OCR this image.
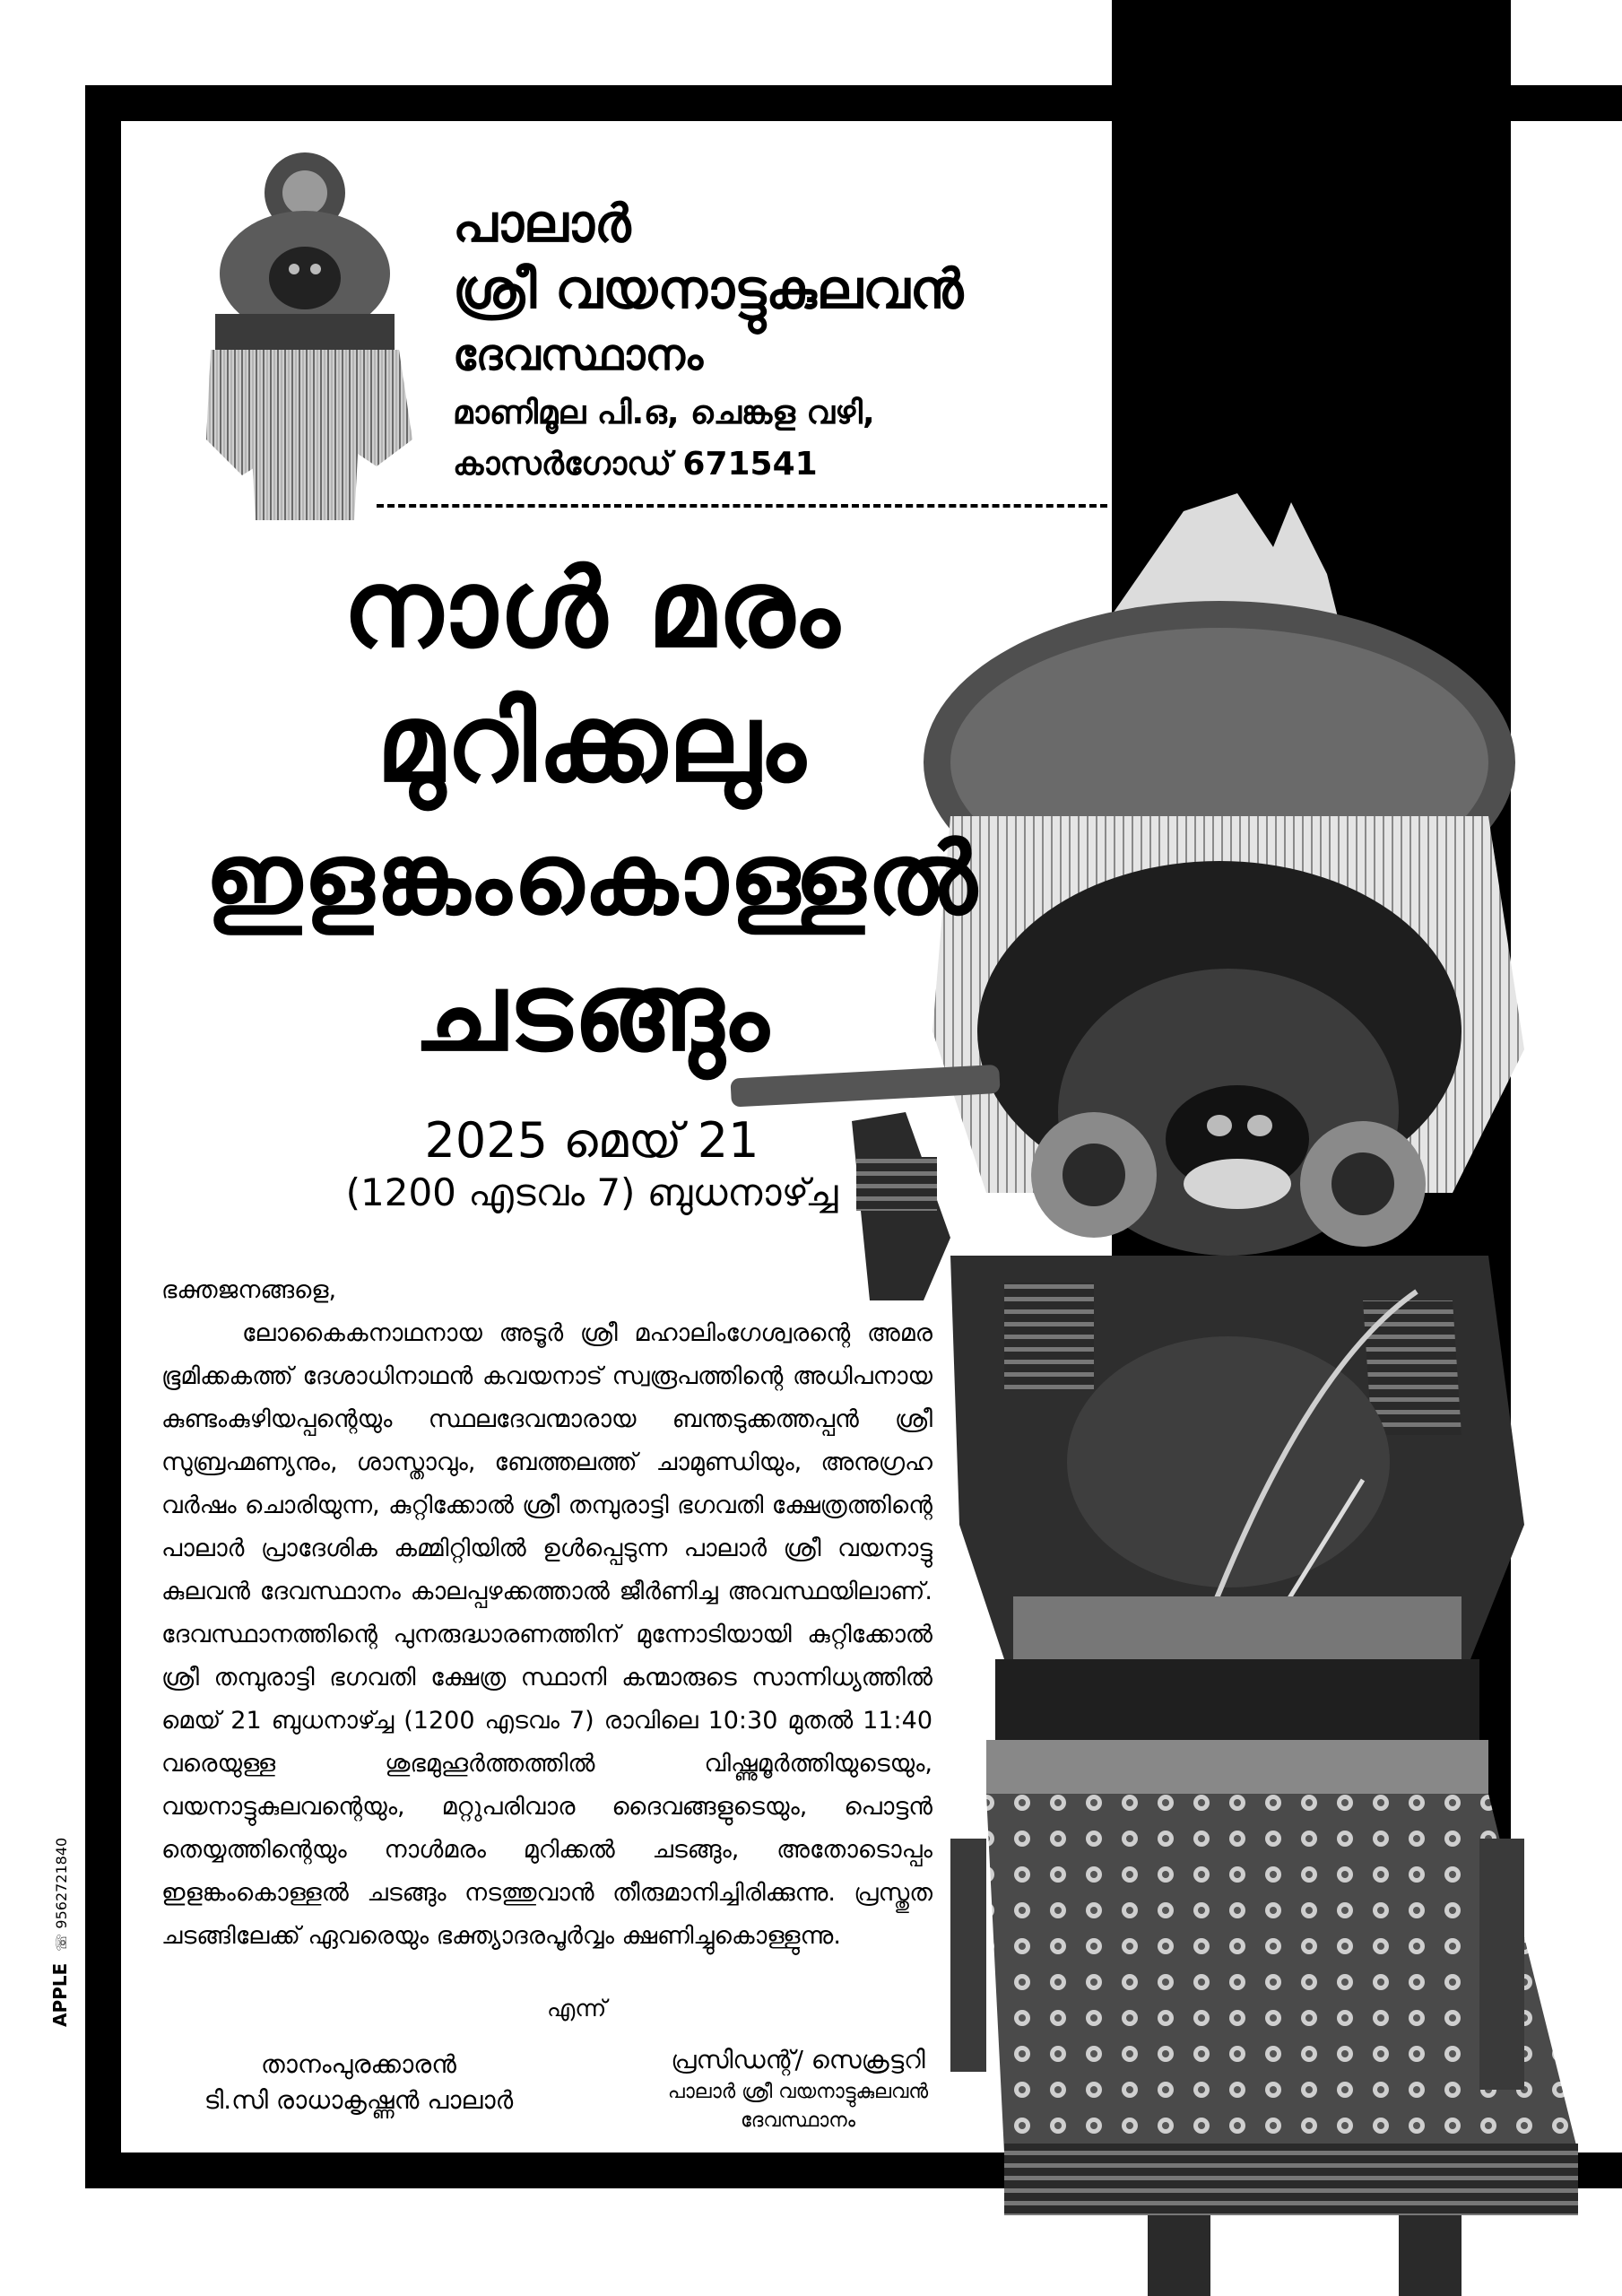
പാലാർ
ശ്രീ വയനാട്ടുകുലവൻ
ദേവസ്ഥാനം
മാണിമൂല പി.ഒ, ചെങ്കള വഴി,
കാസർഗോഡ് 671541
നാൾ മരം
മുറിക്കലും
ഇളങ്കംകൊള്ളൽ
ചടങ്ങും
2025 മെയ് 21
(1200 എടവം 7) ബുധനാഴ്ച്ച

ഭക്തജനങ്ങളെ,

ലോകൈകനാഥനായ അടൂർ ശ്രീ മഹാലിംഗേശ്വരന്റെ അമര ഭൂമിക്കകത്ത് ദേശാധിനാഥൻ കവയനാട് സ്വരൂപത്തിന്റെ അധിപനായ കുണ്ടംകുഴിയപ്പന്റെയും സ്ഥലദേവന്മാരായ ബന്തടുക്കത്തപ്പൻ ശ്രീ സുബ്രഹ്മണ്യനും, ശാസ്താവും, ബേത്തലത്ത് ചാമുണ്ഡിയും, അനുഗ്രഹ വർഷം ചൊരിയുന്ന, കുറ്റിക്കോൽ ശ്രീ തമ്പുരാട്ടി ഭഗവതി ക്ഷേത്രത്തിന്റെ പാലാർ പ്രാദേശിക കമ്മിറ്റിയിൽ ഉൾപ്പെടുന്ന പാലാർ ശ്രീ വയനാട്ടു കുലവൻ ദേവസ്ഥാനം കാലപ്പഴക്കത്താൽ ജീർണിച്ച അവസ്ഥയിലാണ്. ദേവസ്ഥാനത്തിന്റെ പുനരുദ്ധാരണത്തിന് മുന്നോടിയായി കുറ്റിക്കോൽ ശ്രീ തമ്പുരാട്ടി ഭഗവതി ക്ഷേത്ര സ്ഥാനി കന്മാരുടെ സാന്നിധ്യത്തിൽ മെയ് 21 ബുധനാഴ്ച്ച (1200 എടവം 7) രാവിലെ 10:30 മുതൽ 11:40 വരെയുള്ള ശുഭമുഹൂർത്തത്തിൽ വിഷ്ണുമൂർത്തിയുടെയും, വയനാട്ടുകുലവന്റെയും, മറ്റുപരിവാര ദൈവങ്ങളുടെയും, പൊട്ടൻ തെയ്യത്തിന്റെയും നാൾമരം മുറിക്കൽ ചടങ്ങും, അതോടൊപ്പം ഇളങ്കംകൊള്ളൽ ചടങ്ങും നടത്തുവാൻ തീരുമാനിച്ചിരിക്കുന്നു. പ്രസ്തുത ചടങ്ങിലേക്ക് ഏവരെയും ഭക്ത്യാദരപൂർവ്വം ക്ഷണിച്ചുകൊള്ളുന്നു.

എന്ന്
താനംപുരക്കാരൻ
ടി.സി രാധാകൃഷ്ണൻ പാലാർ
പ്രസിഡന്റ്/ സെക്രട്ടറി
പാലാർ ശ്രീ വയനാട്ടുകുലവൻ
ദേവസ്ഥാനം
APPLE ☏ 9562721840
